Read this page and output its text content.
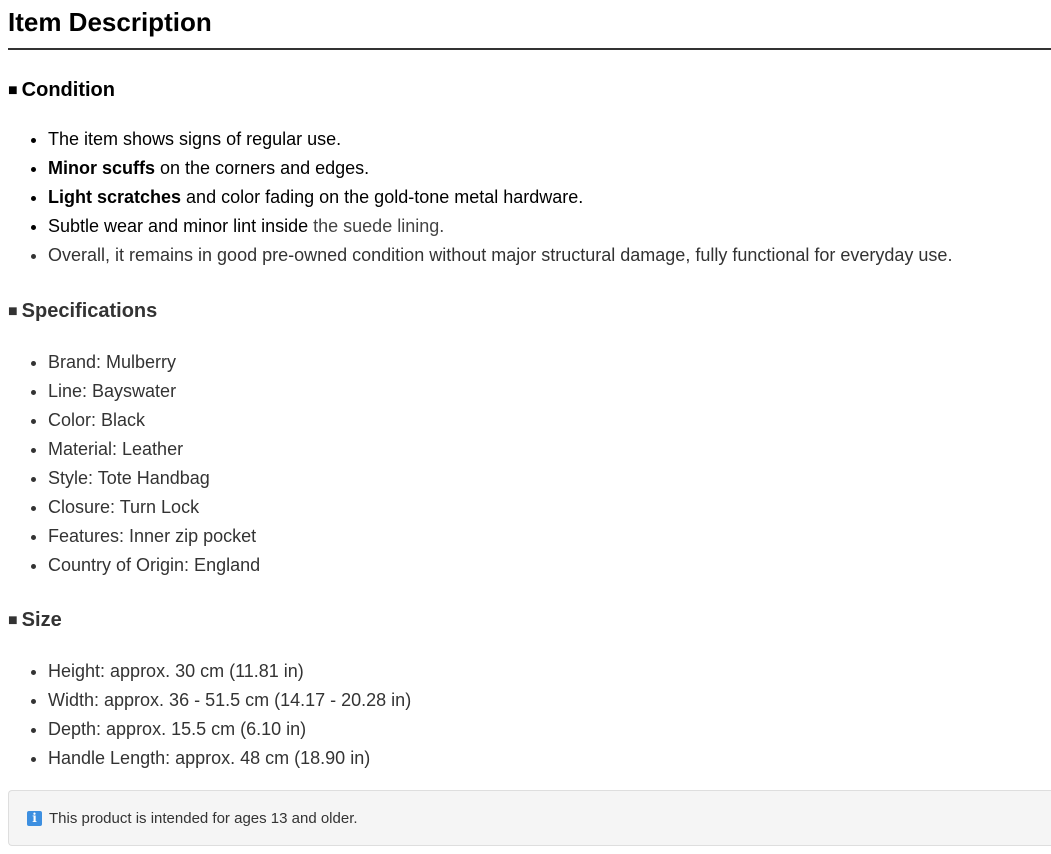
Item Description
■ Condition
• The item shows signs of regular use.
• Minor scuffs on the corners and edges.
• Light scratches and color fading on the gold-tone metal hardware.
• Subtle wear and minor lint inside the suede lining.
• Overall, it remains in good pre-owned condition without major structural damage, fully functional for everyday use.
■ Specifications
• Brand: Mulberry
• Line: Bayswater
• Color: Black
• Material: Leather
• Style: Tote Handbag
• Closure: Turn Lock
• Features: Inner zip pocket
• Country of Origin: England
■ Size
• Height: approx. 30 cm (11.81 in)
• Width: approx. 36 - 51.5 cm (14.17 - 20.28 in)
• Depth: approx. 15.5 cm (6.10 in)
• Handle Length: approx. 48 cm (18.90 in)
i This product is intended for ages 13 and older.
